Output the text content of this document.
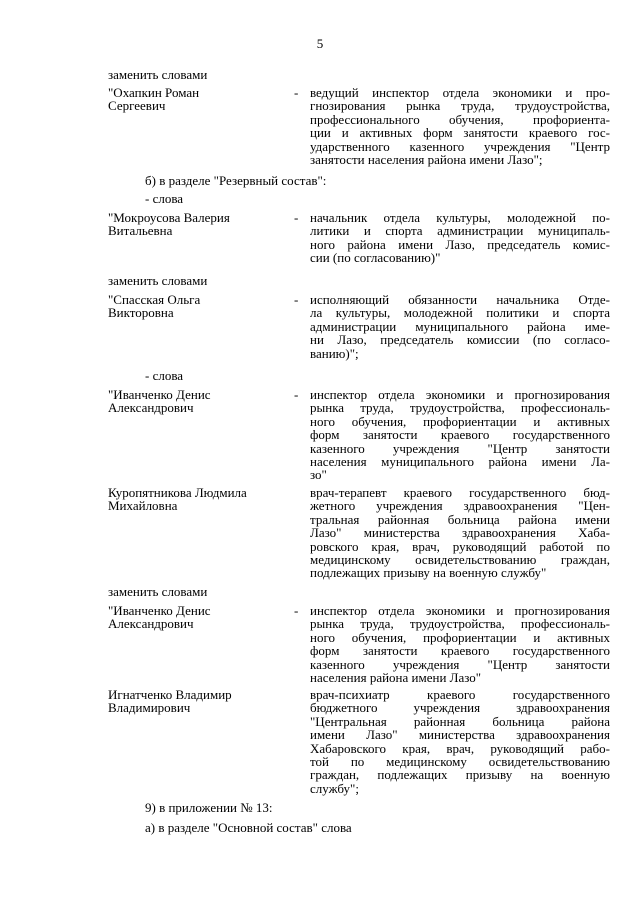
5
заменить словами
"Охапкин Роман
Сергеевич
- ведущий инспектор отдела экономики и про-
гнозирования рынка труда, трудоустройства,
профессионального обучения, профориента-
ции и активных форм занятости краевого гос-
ударственного казенного учреждения "Центр
занятости населения района имени Лазо";
б) в разделе "Резервный состав":
- слова
"Мокроусова Валерия
Витальевна
- начальник отдела культуры, молодежной по-
литики и спорта администрации муниципаль-
ного района имени Лазо, председатель комис-
сии (по согласованию)"
заменить словами
"Спасская Ольга
Викторовна
- исполняющий обязанности начальника Отде-
ла культуры, молодежной политики и спорта
администрации муниципального района име-
ни Лазо, председатель комиссии (по согласо-
ванию)";
- слова
"Иванченко Денис
Александрович
- инспектор отдела экономики и прогнозирования
рынка труда, трудоустройства, профессиональ-
ного обучения, профориентации и активных
форм занятости краевого государственного
казенного учреждения "Центр занятости
населения муниципального района имени Ла-
зо"
Куропятникова Людмила
Михайловна
врач-терапевт краевого государственного бюд-
жетного учреждения здравоохранения "Цен-
тральная районная больница района имени
Лазо" министерства здравоохранения Хаба-
ровского края, врач, руководящий работой по
медицинскому освидетельствованию граждан,
подлежащих призыву на военную службу"
заменить словами
"Иванченко Денис
Александрович
- инспектор отдела экономики и прогнозирования
рынка труда, трудоустройства, профессиональ-
ного обучения, профориентации и активных
форм занятости краевого государственного
казенного учреждения "Центр занятости
населения района имени Лазо"
Игнатченко Владимир
Владимирович
врач-психиатр краевого государственного
бюджетного учреждения здравоохранения
"Центральная районная больница района
имени Лазо" министерства здравоохранения
Хабаровского края, врач, руководящий рабо-
той по медицинскому освидетельствованию
граждан, подлежащих призыву на военную
службу";
9) в приложении № 13:
а) в разделе "Основной состав" слова
